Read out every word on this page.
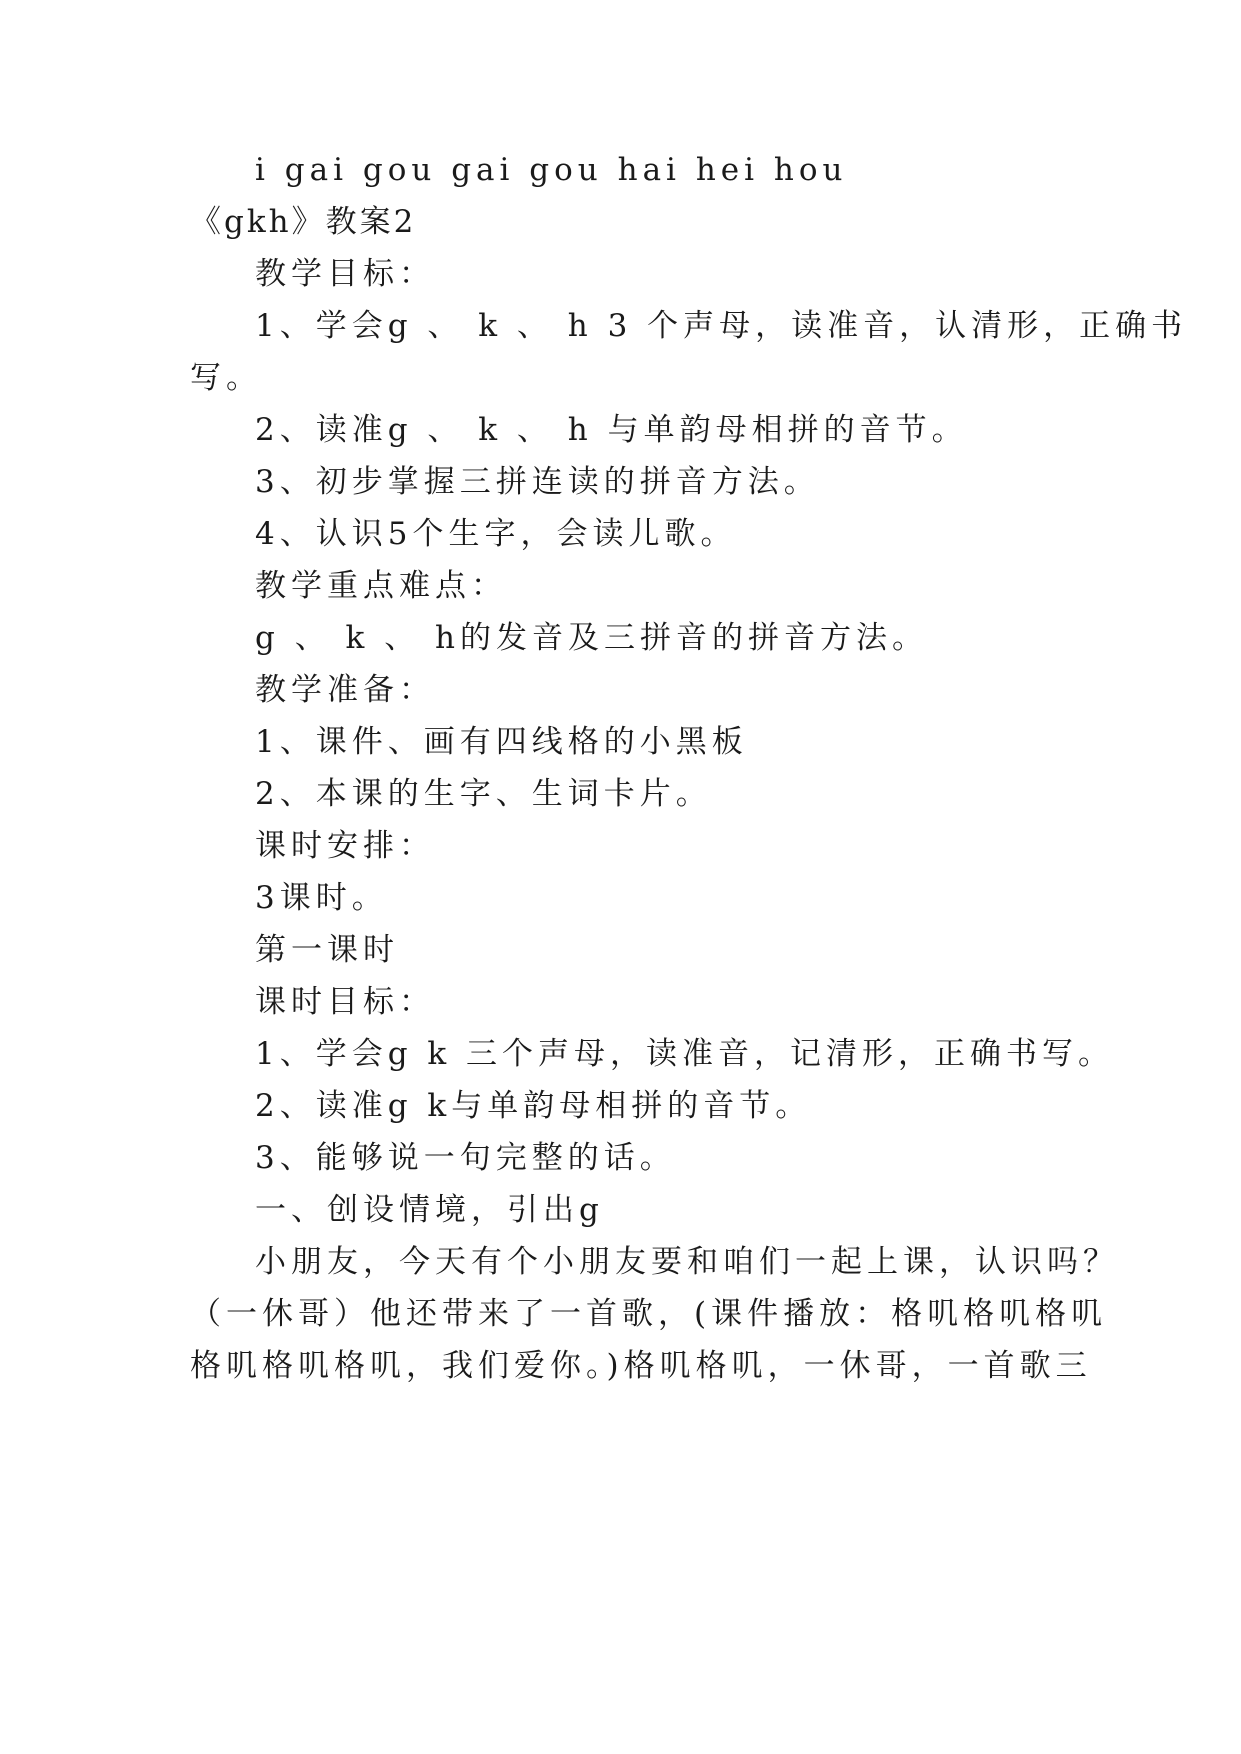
i gai gou gai gou hai hei hou
《gkh》教案2
教学目标：
1、学会g 、 k 、 h 3 个声母，读准音，认清形，正确书
写。
2、读准g 、 k 、 h 与单韵母相拼的音节。
3、初步掌握三拼连读的拼音方法。
4、认识5个生字，会读儿歌。
教学重点难点：
g 、 k 、 h的发音及三拼音的拼音方法。
教学准备：
1、课件、画有四线格的小黑板
2、本课的生字、生词卡片。
课时安排：
3课时。
第一课时
课时目标：
1、学会g k 三个声母，读准音，记清形，正确书写。
2、读准g k与单韵母相拼的音节。
3、能够说一句完整的话。
一、创设情境，引出g
小朋友，今天有个小朋友要和咱们一起上课，认识吗？
（一休哥）他还带来了一首歌，(课件播放：格叽格叽格叽
格叽格叽格叽，我们爱你。)格叽格叽，一休哥，一首歌三
